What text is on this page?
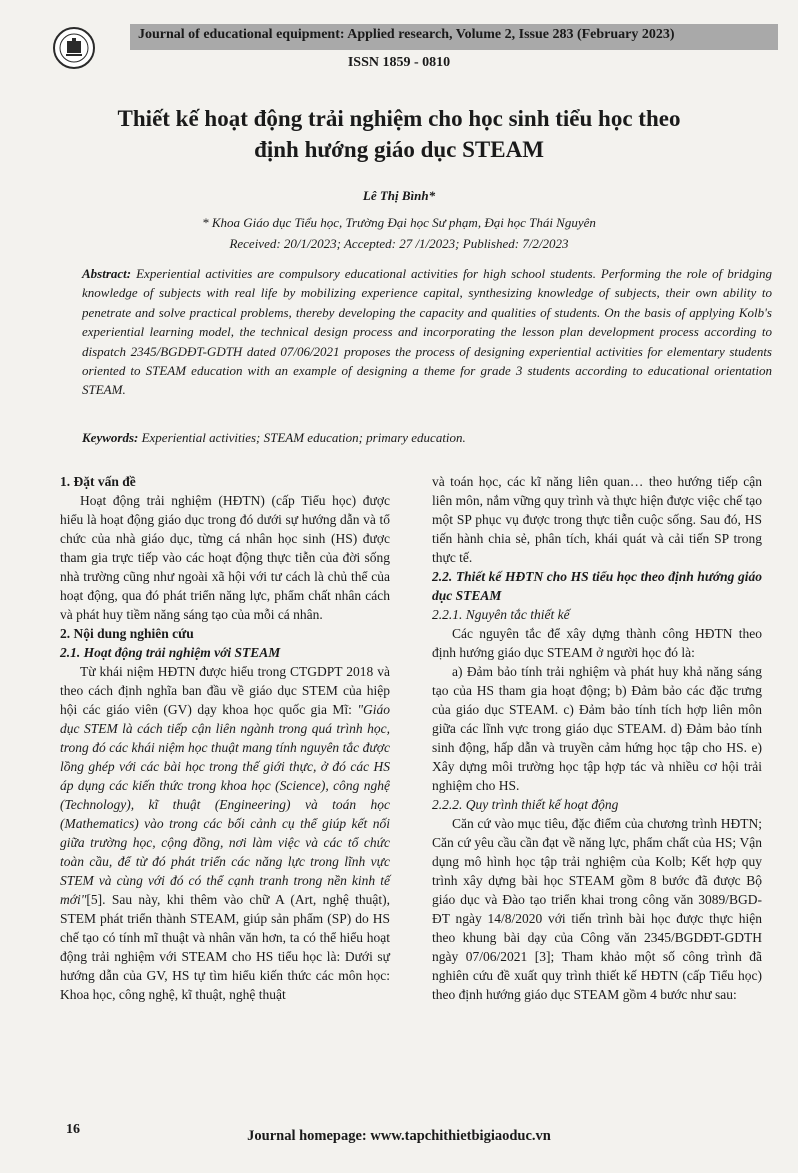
Journal of educational equipment: Applied research, Volume 2, Issue 283 (February 2023)
ISSN 1859 - 0810
Thiết kế hoạt động trải nghiệm cho học sinh tiểu học theo
định hướng giáo dục STEAM
Lê Thị Bình*
* Khoa Giáo dục Tiểu học, Trường Đại học Sư phạm, Đại học Thái Nguyên
Received: 20/1/2023; Accepted: 27 /1/2023; Published: 7/2/2023
Abstract: Experiential activities are compulsory educational activities for high school students. Performing the role of bridging knowledge of subjects with real life by mobilizing experience capital, synthesizing knowledge of subjects, their own ability to penetrate and solve practical problems, thereby developing the capacity and qualities of students. On the basis of applying Kolb's experiential learning model, the technical design process and incorporating the lesson plan development process according to dispatch 2345/BGDĐT-GDTH dated 07/06/2021 proposes the process of designing experiential activities for elementary students oriented to STEAM education with an example of designing a theme for grade 3 students according to educational orientation STEAM.
Keywords: Experiential activities; STEAM education; primary education.

1. Đặt vấn đề

Hoạt động trải nghiệm (HĐTN) (cấp Tiểu học) được hiểu là hoạt động giáo dục trong đó dưới sự hướng dẫn và tổ chức của nhà giáo dục, từng cá nhân học sinh (HS) được tham gia trực tiếp vào các hoạt động thực tiễn của đời sống nhà trường cũng như ngoài xã hội với tư cách là chủ thể của hoạt động, qua đó phát triển năng lực, phẩm chất nhân cách và phát huy tiềm năng sáng tạo của mỗi cá nhân.

2. Nội dung nghiên cứu

2.1. Hoạt động trải nghiệm với STEAM

Từ khái niệm HĐTN được hiểu trong CTGDPT 2018 và theo cách định nghĩa ban đầu về giáo dục STEM của hiệp hội các giáo viên (GV) dạy khoa học quốc gia Mĩ: "Giáo dục STEM là cách tiếp cận liên ngành trong quá trình học, trong đó các khái niệm học thuật mang tính nguyên tắc được lồng ghép với các bài học trong thế giới thực, ở đó các HS áp dụng các kiến thức trong khoa học (Science), công nghệ (Technology), kĩ thuật (Engineering) và toán học (Mathematics) vào trong các bối cảnh cụ thể giúp kết nối giữa trường học, cộng đồng, nơi làm việc và các tổ chức toàn cầu, để từ đó phát triển các năng lực trong lĩnh vực STEM và cùng với đó có thể cạnh tranh trong nền kinh tế mới"[5]. Sau này, khi thêm vào chữ A (Art, nghệ thuật), STEM phát triển thành STEAM, giúp sản phẩm (SP) do HS chế tạo có tính mĩ thuật và nhân văn hơn, ta có thể hiểu hoạt động trải nghiệm với STEAM cho HS tiểu học là: Dưới sự hướng dẫn của GV, HS tự tìm hiểu kiến thức các môn học: Khoa học, công nghệ, kĩ thuật, nghệ thuật

và toán học, các kĩ năng liên quan… theo hướng tiếp cận liên môn, nắm vững quy trình và thực hiện được việc chế tạo một SP phục vụ được trong thực tiễn cuộc sống. Sau đó, HS tiến hành chia sẻ, phân tích, khái quát và cải tiến SP trong thực tế.

2.2. Thiết kế HĐTN cho HS tiểu học theo định hướng giáo dục STEAM

2.2.1. Nguyên tắc thiết kế

Các nguyên tắc để xây dựng thành công HĐTN theo định hướng giáo dục STEAM ở người học đó là:

a) Đảm bảo tính trải nghiệm và phát huy khả năng sáng tạo của HS tham gia hoạt động; b) Đảm bảo các đặc trưng của giáo dục STEAM. c) Đảm bảo tính tích hợp liên môn giữa các lĩnh vực trong giáo dục STEAM. d) Đảm bảo tính sinh động, hấp dẫn và truyền cảm hứng học tập cho HS. e) Xây dựng môi trường học tập hợp tác và nhiều cơ hội trải nghiệm cho HS.

2.2.2. Quy trình thiết kế hoạt động

Căn cứ vào mục tiêu, đặc điểm của chương trình HĐTN; Căn cứ yêu cầu cần đạt về năng lực, phẩm chất của HS; Vận dụng mô hình học tập trải nghiệm của Kolb; Kết hợp quy trình xây dựng bài học STEAM gồm 8 bước đã được Bộ giáo dục và Đào tạo triển khai trong công văn 3089/BGD-ĐT ngày 14/8/2020 với tiến trình bài học được thực hiện theo khung bài dạy của Công văn 2345/BGDĐT-GDTH ngày 07/06/2021 [3]; Tham khảo một số công trình đã nghiên cứu đề xuất quy trình thiết kế HĐTN (cấp Tiểu học) theo định hướng giáo dục STEAM gồm 4 bước như sau:

16	Journal homepage: www.tapchithietbigiaoduc.vn
